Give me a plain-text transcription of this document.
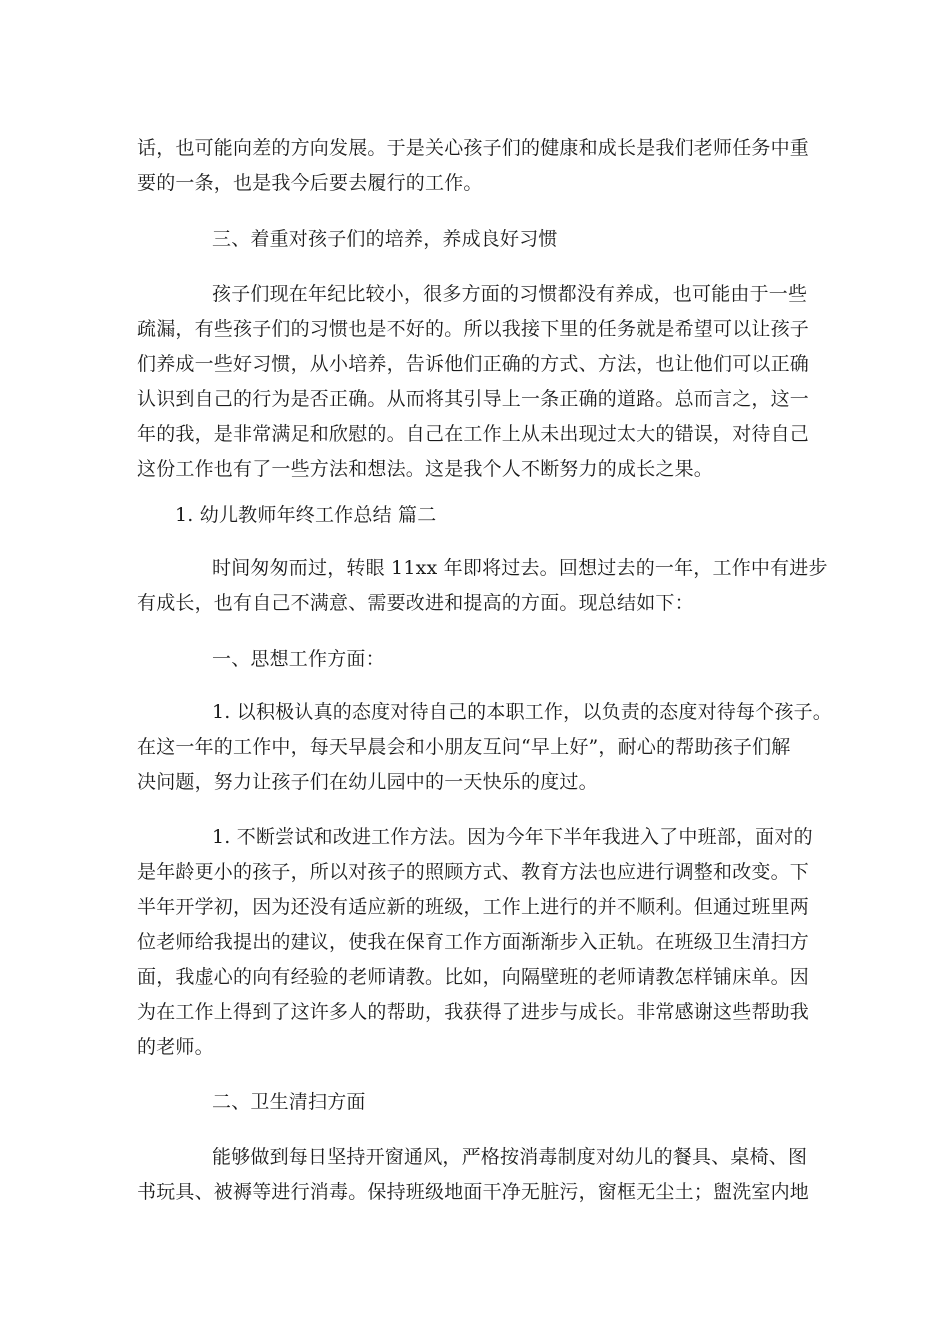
话，也可能向差的方向发展。于是关心孩子们的健康和成长是我们老师任务中重
要的一条，也是我今后要去履行的工作。
三、着重对孩子们的培养，养成良好习惯
孩子们现在年纪比较小，很多方面的习惯都没有养成，也可能由于一些
疏漏，有些孩子们的习惯也是不好的。所以我接下里的任务就是希望可以让孩子
们养成一些好习惯，从小培养，告诉他们正确的方式、方法，也让他们可以正确
认识到自己的行为是否正确。从而将其引导上一条正确的道路。总而言之，这一
年的我，是非常满足和欣慰的。自己在工作上从未出现过太大的错误，对待自己
这份工作也有了一些方法和想法。这是我个人不断努力的成长之果。
1. 幼儿教师年终工作总结 篇二
时间匆匆而过，转眼 11xx 年即将过去。回想过去的一年，工作中有进步
有成长，也有自己不满意、需要改进和提高的方面。现总结如下：
一、思想工作方面：
1. 以积极认真的态度对待自己的本职工作，以负责的态度对待每个孩子。
在这一年的工作中，每天早晨会和小朋友互问“早上好”，耐心的帮助孩子们解
决问题，努力让孩子们在幼儿园中的一天快乐的度过。
1. 不断尝试和改进工作方法。因为今年下半年我进入了中班部，面对的
是年龄更小的孩子，所以对孩子的照顾方式、教育方法也应进行调整和改变。下
半年开学初，因为还没有适应新的班级，工作上进行的并不顺利。但通过班里两
位老师给我提出的建议，使我在保育工作方面渐渐步入正轨。在班级卫生清扫方
面，我虚心的向有经验的老师请教。比如，向隔壁班的老师请教怎样铺床单。因
为在工作上得到了这许多人的帮助，我获得了进步与成长。非常感谢这些帮助我
的老师。
二、卫生清扫方面
能够做到每日坚持开窗通风，严格按消毒制度对幼儿的餐具、桌椅、图
书玩具、被褥等进行消毒。保持班级地面干净无脏污，窗框无尘土；盥洗室内地
